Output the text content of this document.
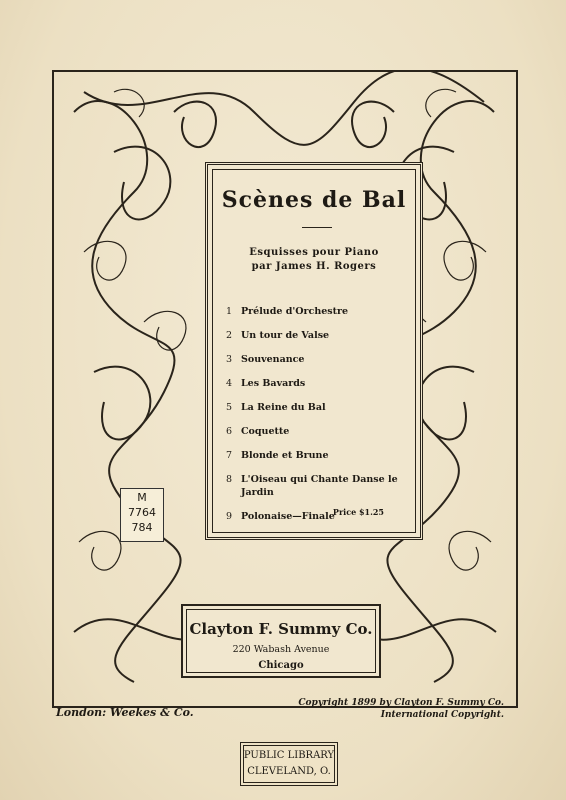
Scènes de Bal
Esquisses pour Piano
par James H. Rogers
1 Prélude d'Orchestre
2 Un tour de Valse
3 Souvenance
4 Les Bavards
5 La Reine du Bal
6 Coquette
7 Blonde et Brune
8 L'Oiseau qui Chante Danse le Jardin
9 Polonaise—Finale
Price $1.25
M
7764
784
Clayton F. Summy Co.
220 Wabash Avenue
Chicago
London: Weekes & Co.
Copyright 1899 by Clayton F. Summy Co.
International Copyright.
PUBLIC LIBRARY
CLEVELAND, O.
